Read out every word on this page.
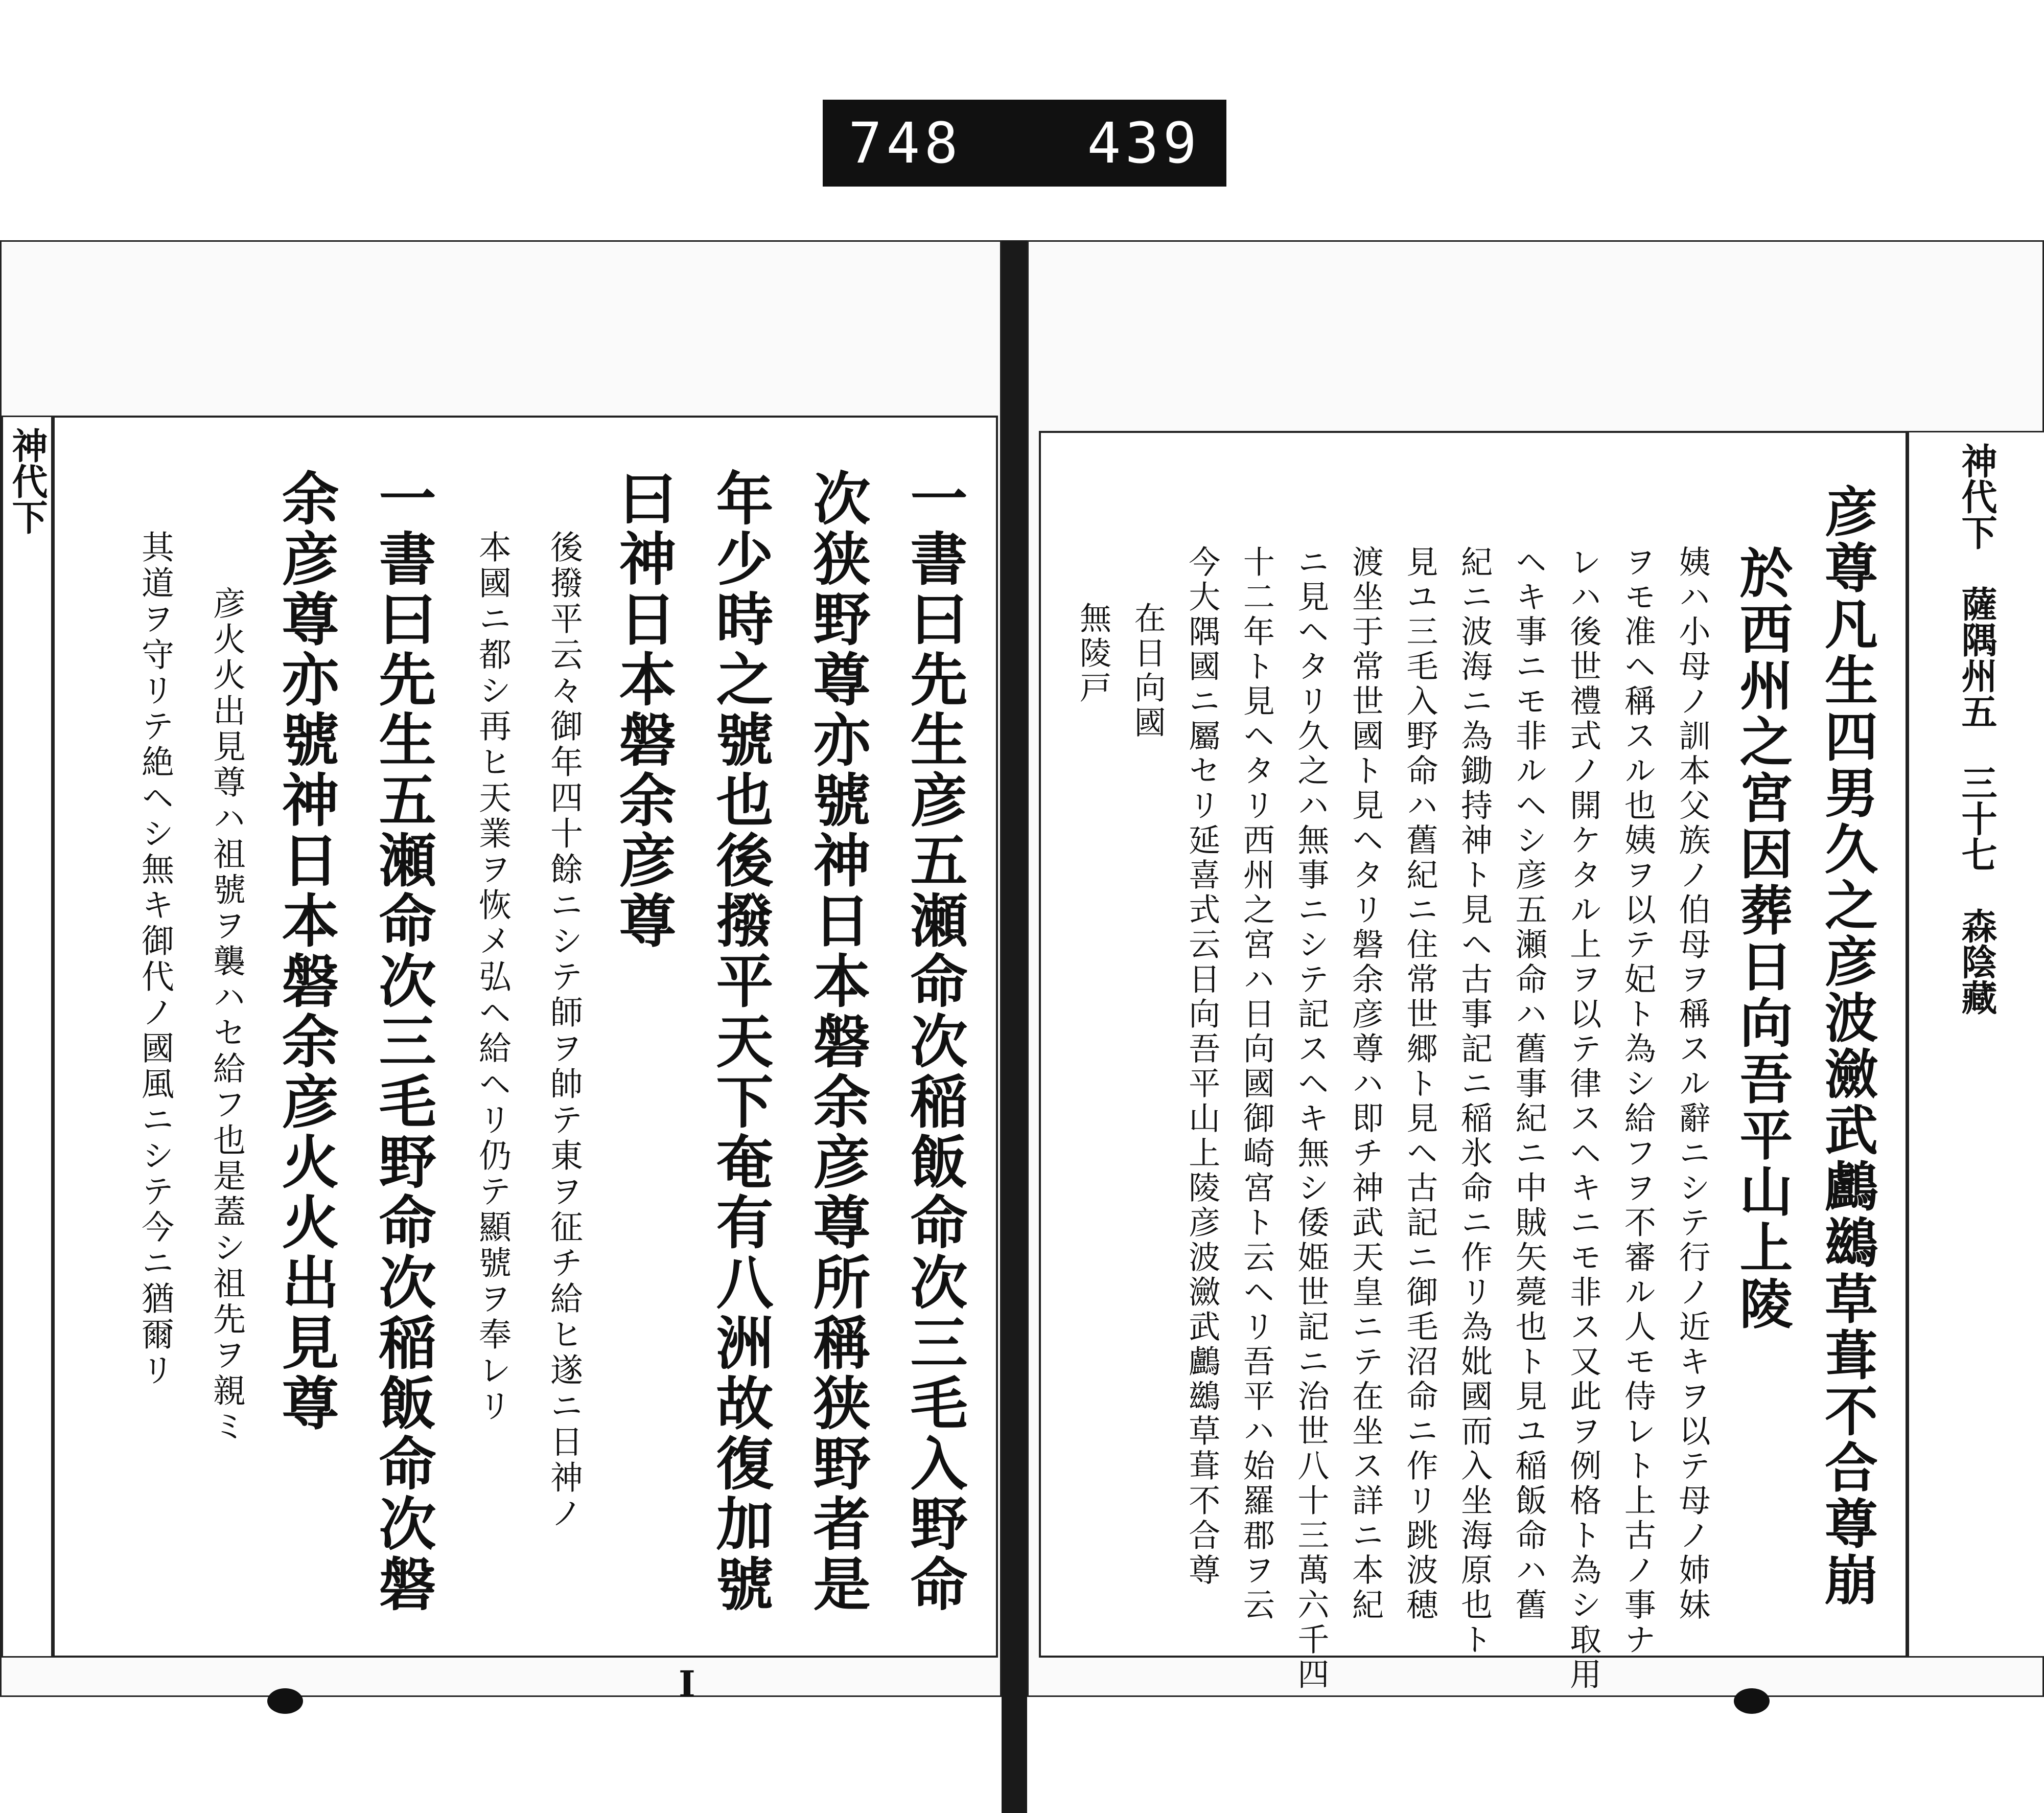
748 439
神代下	一書曰先生彦五瀬命次稲飯命次三毛入野命
次狭野尊亦號神日本磐余彦尊所稱狭野者是
年少時之號也後撥平天下奄有八洲故復加號
曰神日本磐余彦尊
後撥平云々御年四十餘ニシテ師ヲ帥テ東ヲ征チ給ヒ遂ニ日神ノ
本國ニ都シ再ヒ天業ヲ恢メ弘ヘ給ヘリ仍テ顯號ヲ奉レリ
一書曰先生五瀬命次三毛野命次稲飯命次磐
余彦尊亦號神日本磐余彦火火出見尊
彦火火出見尊ハ祖號ヲ襲ハセ給フ也是蓋シ祖先ヲ親ミ
其道ヲ守リテ絶ヘシ無キ御代ノ國風ニシテ今ニ猶爾リ
Ⅰ
彦尊凡生四男久之彦波瀲武鸕鷀草葺不合尊崩
於西州之宮因葬日向吾平山上陵
姨ハ小母ノ訓本父族ノ伯母ヲ稱スル辭ニシテ行ノ近キヲ以テ母ノ姉妹
ヲモ准ヘ稱スル也姨ヲ以テ妃ト為シ給フヲ不審ル人モ侍レト上古ノ事ナ
レハ後世禮式ノ開ケタル上ヲ以テ律スヘキニモ非ス又此ヲ例格ト為シ取用
ヘキ事ニモ非ルヘシ彦五瀬命ハ舊事紀ニ中賊矢薨也ト見ユ稲飯命ハ舊
紀ニ波海ニ為鋤持神ト見ヘ古事記ニ稲氷命ニ作リ為妣國而入坐海原也ト
見ユ三毛入野命ハ舊紀ニ住常世郷ト見ヘ古記ニ御毛沼命ニ作リ跳波穂
渡坐于常世國ト見ヘタリ磐余彦尊ハ即チ神武天皇ニテ在坐ス詳ニ本紀
ニ見ヘタリ久之ハ無事ニシテ記スヘキ無シ倭姫世記ニ治世八十三萬六千四
十二年ト見ヘタリ西州之宮ハ日向國御崎宮ト云ヘリ吾平ハ始羅郡ヲ云
今大隅國ニ屬セリ延喜式云日向吾平山上陵彦波瀲武鸕鷀草葺不合尊
在日向國
無陵戸	神代下　薩隅州五　三十七　森陰藏
